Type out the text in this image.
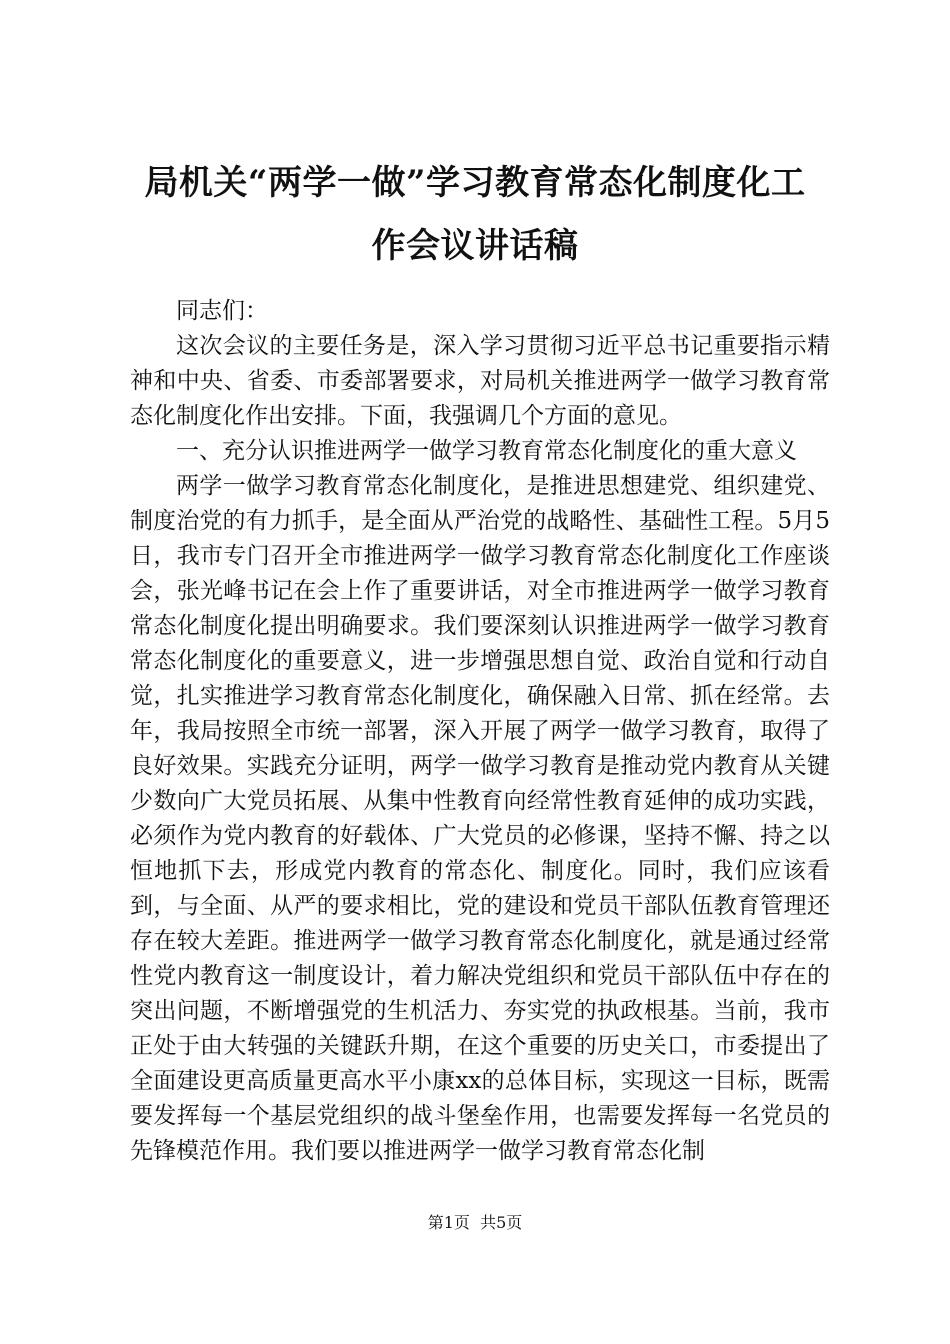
局机关“两学一做”学习教育常态化制度化工
作会议讲话稿

同志们：

这次会议的主要任务是，深入学习贯彻习近平总书记重要指示精神和中央、省委、市委部署要求，对局机关推进两学一做学习教育常态化制度化作出安排。下面，我强调几个方面的意见。

一、充分认识推进两学一做学习教育常态化制度化的重大意义

两学一做学习教育常态化制度化，是推进思想建党、组织建党、制度治党的有力抓手，是全面从严治党的战略性、基础性工程。5月5日，我市专门召开全市推进两学一做学习教育常态化制度化工作座谈会，张光峰书记在会上作了重要讲话，对全市推进两学一做学习教育常态化制度化提出明确要求。我们要深刻认识推进两学一做学习教育常态化制度化的重要意义，进一步增强思想自觉、政治自觉和行动自觉，扎实推进学习教育常态化制度化，确保融入日常、抓在经常。去年，我局按照全市统一部署，深入开展了两学一做学习教育，取得了良好效果。实践充分证明，两学一做学习教育是推动党内教育从关键少数向广大党员拓展、从集中性教育向经常性教育延伸的成功实践，必须作为党内教育的好载体、广大党员的必修课，坚持不懈、持之以恒地抓下去，形成党内教育的常态化、制度化。同时，我们应该看到，与全面、从严的要求相比，党的建设和党员干部队伍教育管理还存在较大差距。推进两学一做学习教育常态化制度化，就是通过经常性党内教育这一制度设计，着力解决党组织和党员干部队伍中存在的突出问题，不断增强党的生机活力、夯实党的执政根基。当前，我市正处于由大转强的关键跃升期，在这个重要的历史关口，市委提出了全面建设更高质量更高水平小康xx的总体目标，实现这一目标，既需要发挥每一个基层党组织的战斗堡垒作用，也需要发挥每一名党员的先锋模范作用。我们要以推进两学一做学习教育常态化制

第1页  共5页
